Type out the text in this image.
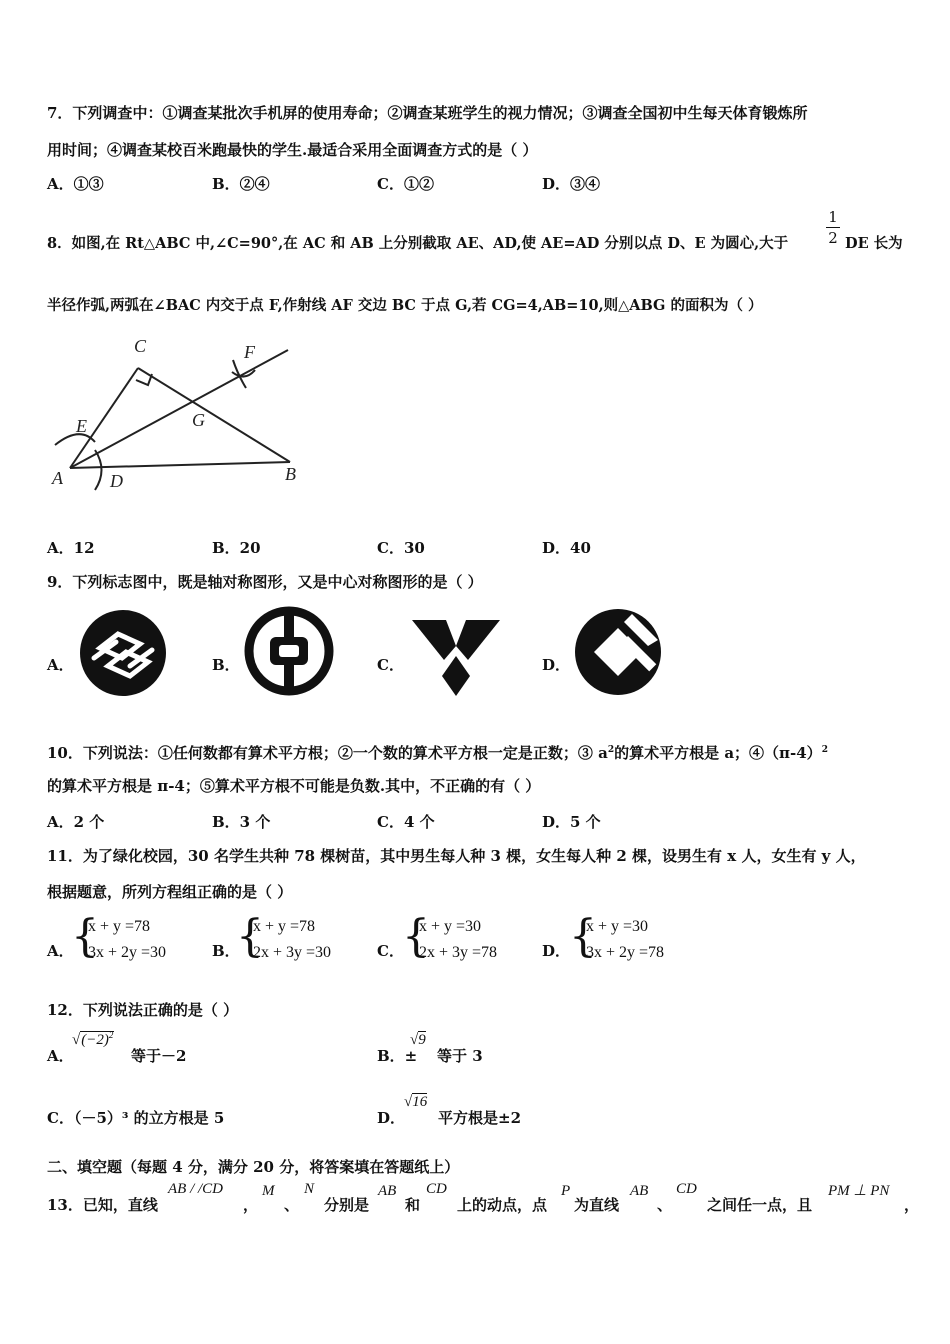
7．下列调查中：①调查某批次手机屏的使用寿命；②调查某班学生的视力情况；③调查全国初中生每天体育锻炼所
用时间；④调查某校百米跑最快的学生.最适合采用全面调查方式的是（ ）
A．①③	B．②④	C．①②	D．③④
8．如图,在 Rt△ABC 中,∠C=90°,在 AC 和 AB 上分别截取 AE、AD,使 AE=AD 分别以点 D、E 为圆心,大于
1
2 DE 长为
半径作弧,两弧在∠BAC 内交于点 F,作射线 AF 交边 BC 于点 G,若 CG=4,AB=10,则△ABG 的面积为（ ）
C	F
E	G
A	D	B
A．12	B．20	C．30	D．40
9．下列标志图中，既是轴对称图形，又是中心对称图形的是（ ）
A．	B．	C．	D．
10．下列说法：①任何数都有算术平方根；②一个数的算术平方根一定是正数；③ $a^2$的算术平方根是 a；$④(\pi-4)^2$
的算术平方根是 π-4；⑤算术平方根不可能是负数.其中，不正确的有（ ）
A．2 个	B．3 个	C．4 个	D．5 个
11．为了绿化校园，30 名学生共种 78 棵树苗，其中男生每人种 3 棵，女生每人种 2 棵，设男生有 x 人，女生有 y 人，
根据题意，所列方程组正确的是（ ）
A．
{
x + y =78
3x + 2y =30	B．
{
x + y =78
2x + 3y =30	C．
{
x + y =30
2x + 3y =78	D．
{
x + y =30
3x + 2y =78
12．下列说法正确的是（ ）
A．
$√(-2)^2$
等于－2	B．±
√9
等于 3
C．（－5）³ 的立方根是 5	D．
√16
平方根是±2
二、填空题（每题 4 分，满分 20 分，将答案填在答题纸上）
13．已知，直线
AB / /CD
，
M
、
N
分别是
AB
和
CD
上的动点，点
P
为直线
AB
、
CD
之间任一点，且
PM ⊥ PN
，
